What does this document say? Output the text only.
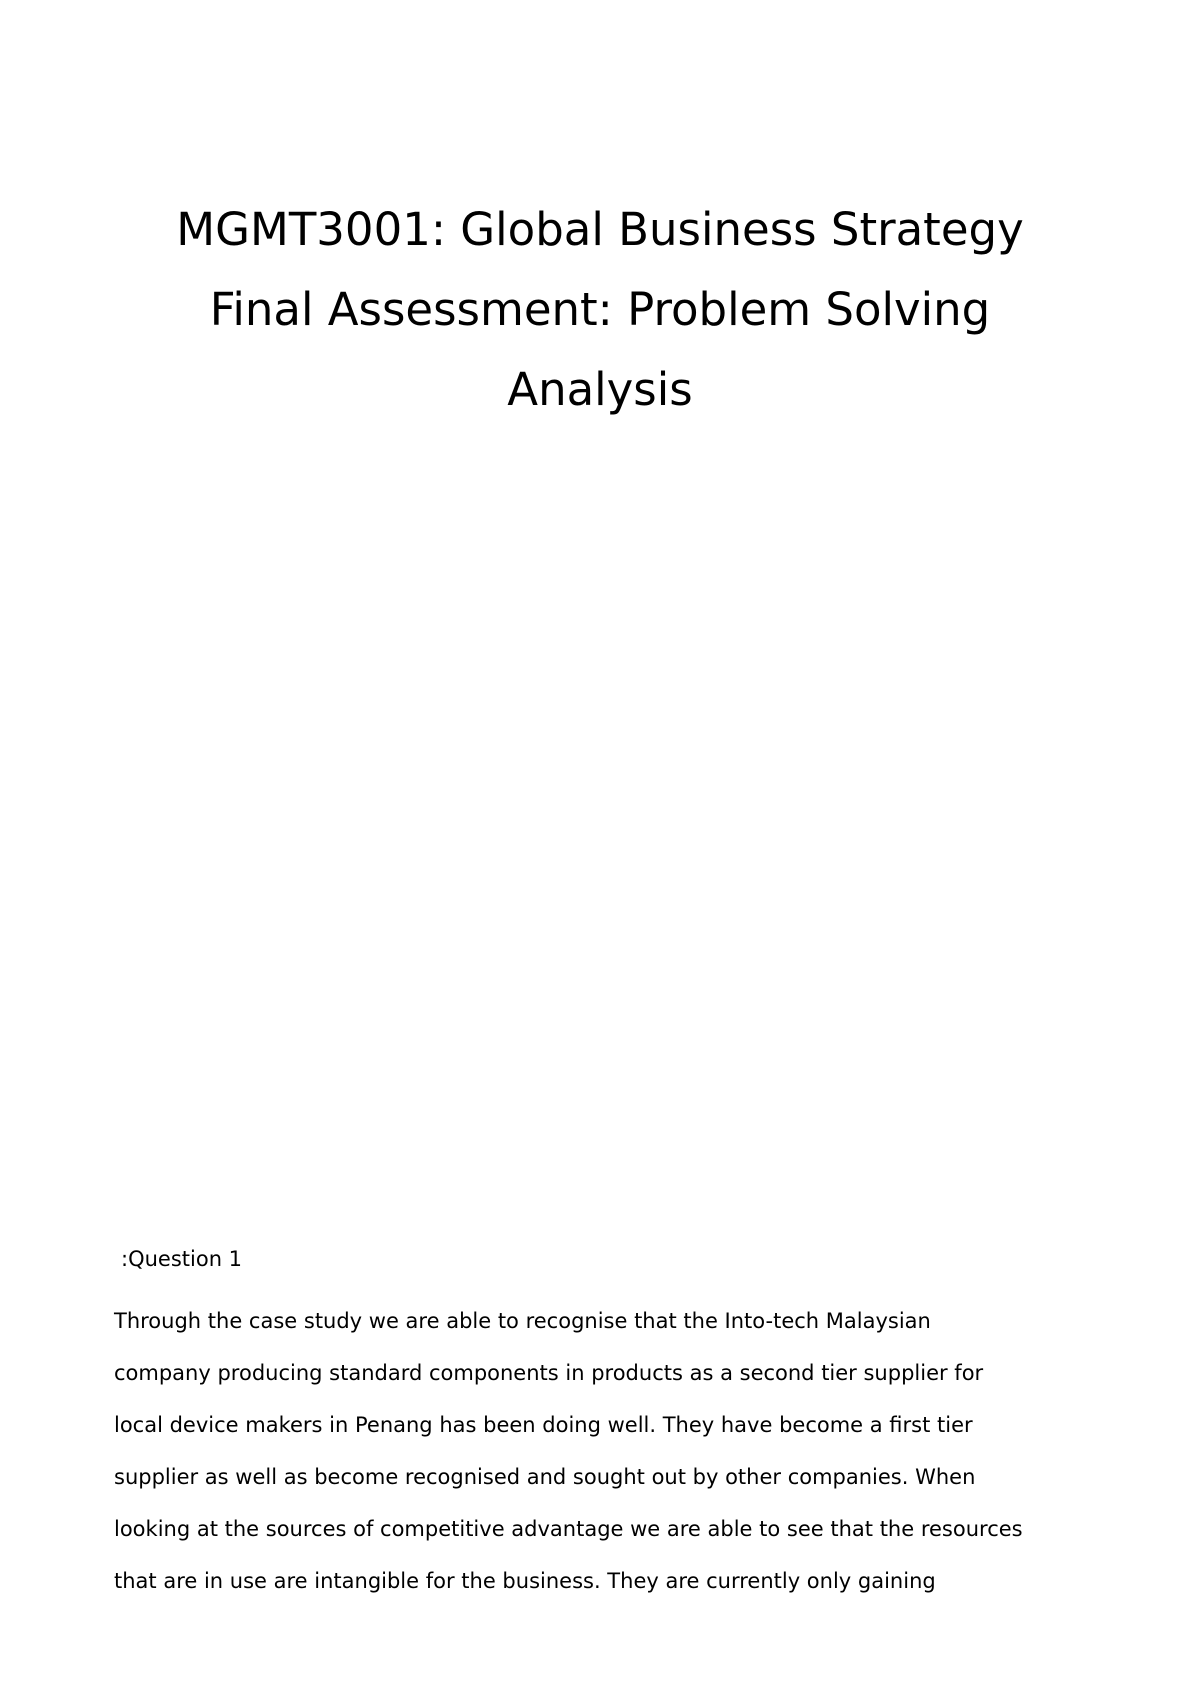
MGMT3001: Global Business Strategy

Final Assessment: Problem Solving

Analysis

:Question 1

Through the case study we are able to recognise that the Into-tech Malaysian

company producing standard components in products as a second tier supplier for

local device makers in Penang has been doing well. They have become a first tier

supplier as well as become recognised and sought out by other companies. When

looking at the sources of competitive advantage we are able to see that the resources

that are in use are intangible for the business. They are currently only gaining
